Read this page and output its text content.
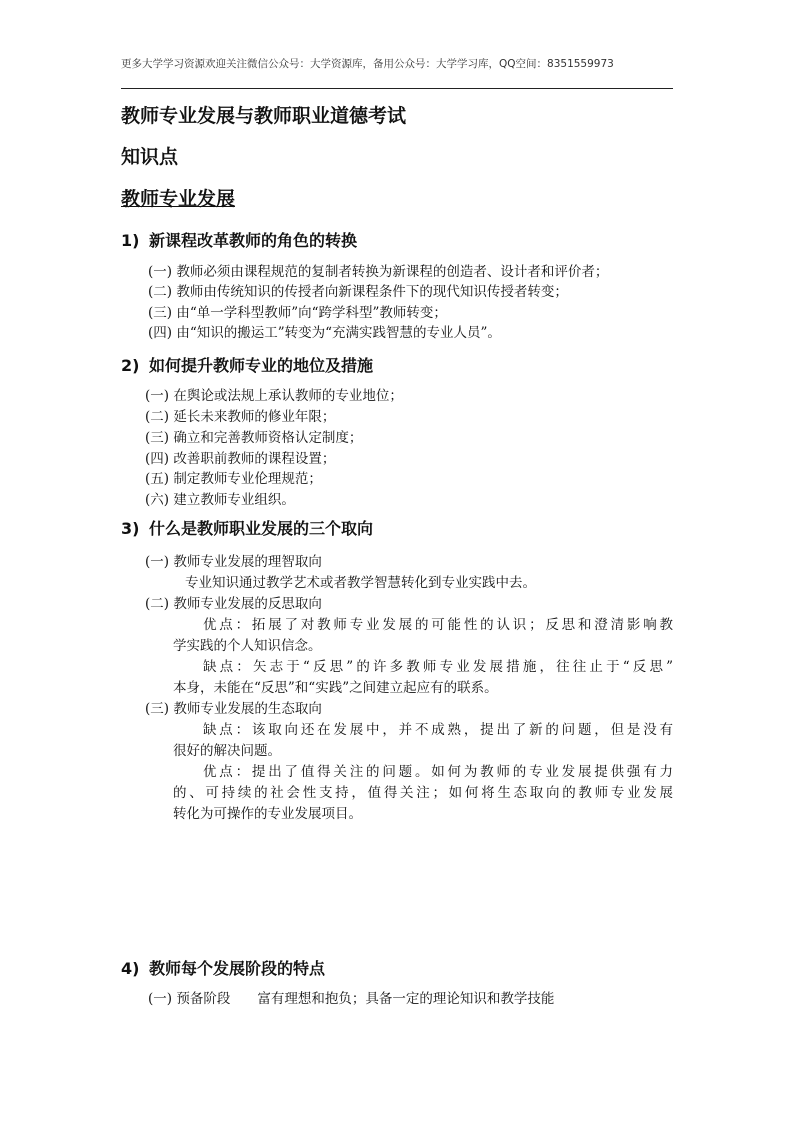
更多大学学习资源欢迎关注微信公众号：大学资源库，备用公众号：大学学习库，QQ空间：8351559973
教师专业发展与教师职业道德考试
知识点
教师专业发展
1) 新课程改革教师的角色的转换
(一) 教师必须由课程规范的复制者转换为新课程的创造者、设计者和评价者；
(二) 教师由传统知识的传授者向新课程条件下的现代知识传授者转变；
(三) 由“单一学科型教师”向“跨学科型”教师转变；
(四) 由“知识的搬运工”转变为“充满实践智慧的专业人员”。
2) 如何提升教师专业的地位及措施
(一) 在舆论或法规上承认教师的专业地位；
(二) 延长未来教师的修业年限；
(三) 确立和完善教师资格认定制度；
(四) 改善职前教师的课程设置；
(五) 制定教师专业伦理规范；
(六) 建立教师专业组织。
3) 什么是教师职业发展的三个取向
(一) 教师专业发展的理智取向
专业知识通过教学艺术或者教学智慧转化到专业实践中去。
(二) 教师专业发展的反思取向
优点：拓展了对教师专业发展的可能性的认识；反思和澄清影响教
学实践的个人知识信念。
缺点：矢志于“反思”的许多教师专业发展措施，往往止于“反思”
本身，未能在“反思”和“实践”之间建立起应有的联系。
(三) 教师专业发展的生态取向
缺点：该取向还在发展中，并不成熟，提出了新的问题，但是没有
很好的解决问题。
优点：提出了值得关注的问题。如何为教师的专业发展提供强有力
的、可持续的社会性支持，值得关注；如何将生态取向的教师专业发展
转化为可操作的专业发展项目。
4) 教师每个发展阶段的特点
(一) 预备阶段　　富有理想和抱负；具备一定的理论知识和教学技能
